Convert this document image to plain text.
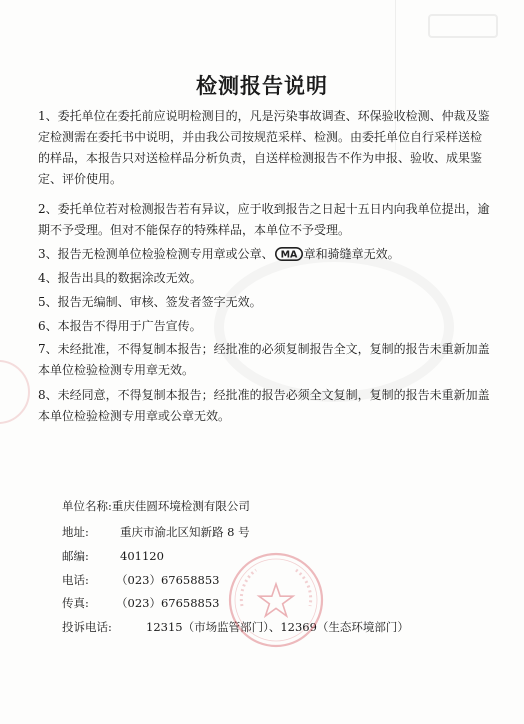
检测报告说明
1、委托单位在委托前应说明检测目的，凡是污染事故调查、环保验收检测、仲裁及鉴定检测需在委托书中说明，并由我公司按规范采样、检测。由委托单位自行采样送检的样品，本报告只对送检样品分析负责，自送样检测报告不作为申报、验收、成果鉴定、评价使用。
2、委托单位若对检测报告若有异议，应于收到报告之日起十五日内向我单位提出，逾期不予受理。但对不能保存的特殊样品，本单位不予受理。
3、报告无检测单位检验检测专用章或公章、 MA 章和骑缝章无效。
4、报告出具的数据涂改无效。
5、报告无编制、审核、签发者签字无效。
6、本报告不得用于广告宣传。
7、未经批准，不得复制本报告；经批准的必须复制报告全文，复制的报告未重新加盖本单位检验检测专用章无效。
8、未经同意，不得复制本报告；经批准的报告必须全文复制，复制的报告未重新加盖本单位检验检测专用章或公章无效。
单位名称:重庆佳圆环境检测有限公司
地址:	重庆市渝北区知新路 8 号
邮编:	401120
电话: （023）67658853
传真: （023）67658853
投诉电话:	12315（市场监管部门）、12369（生态环境部门）
